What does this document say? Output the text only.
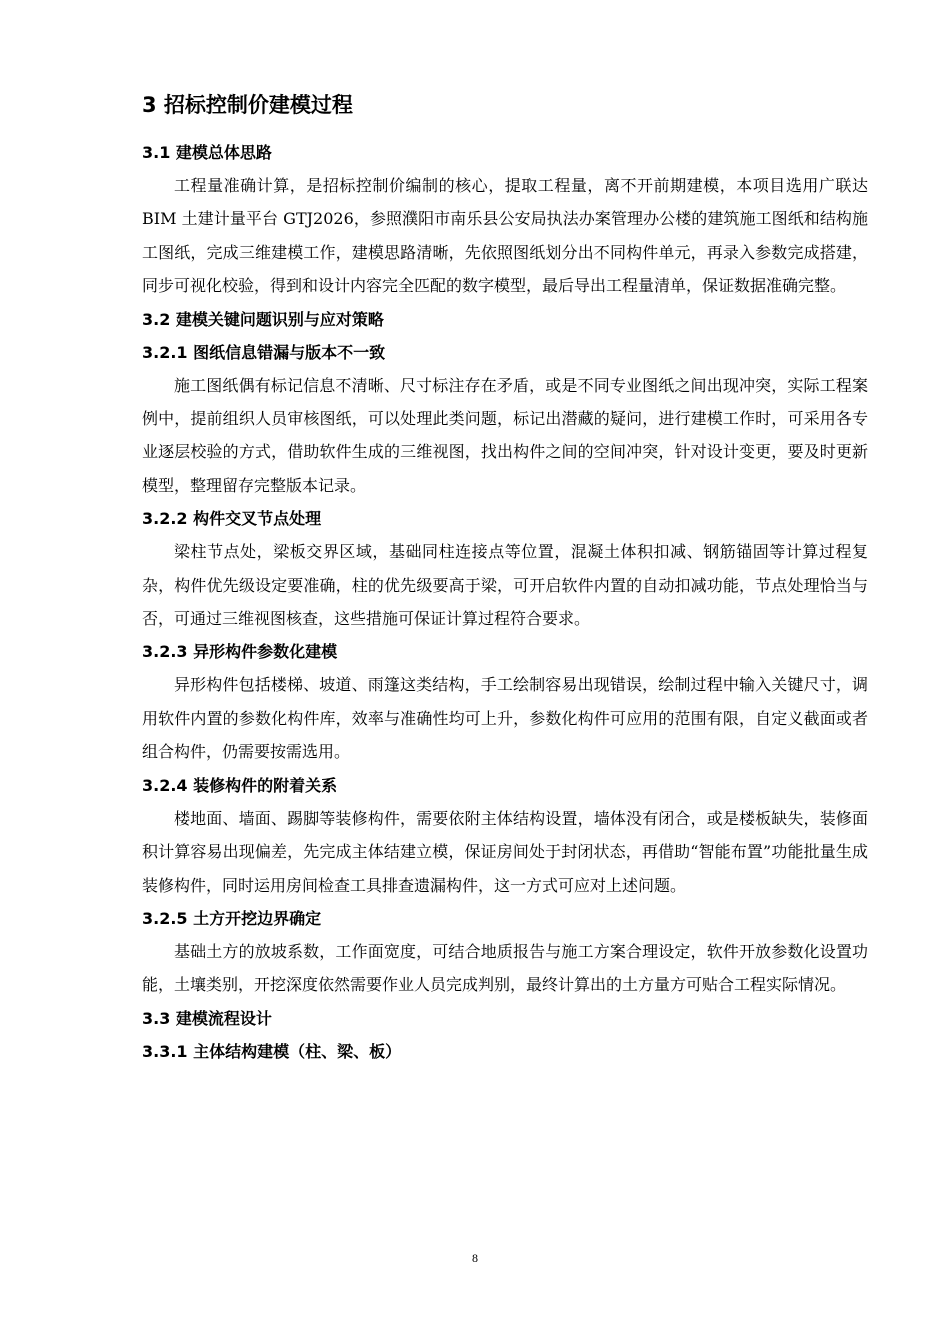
3 招标控制价建模过程
3.1 建模总体思路

工程量准确计算，是招标控制价编制的核心，提取工程量，离不开前期建模，本项目选用广联达 BIM 土建计量平台 GTJ2026，参照濮阳市南乐县公安局执法办案管理办公楼的建筑施工图纸和结构施工图纸，完成三维建模工作，建模思路清晰，先依照图纸划分出不同构件单元，再录入参数完成搭建，同步可视化校验，得到和设计内容完全匹配的数字模型，最后导出工程量清单，保证数据准确完整。

3.2 建模关键问题识别与应对策略
3.2.1 图纸信息错漏与版本不一致

施工图纸偶有标记信息不清晰、尺寸标注存在矛盾，或是不同专业图纸之间出现冲突，实际工程案例中，提前组织人员审核图纸，可以处理此类问题，标记出潜藏的疑问，进行建模工作时，可采用各专业逐层校验的方式，借助软件生成的三维视图，找出构件之间的空间冲突，针对设计变更，要及时更新模型，整理留存完整版本记录。

3.2.2 构件交叉节点处理

梁柱节点处，梁板交界区域，基础同柱连接点等位置，混凝土体积扣减、钢筋锚固等计算过程复杂，构件优先级设定要准确，柱的优先级要高于梁，可开启软件内置的自动扣减功能，节点处理恰当与否，可通过三维视图核查，这些措施可保证计算过程符合要求。

3.2.3 异形构件参数化建模

异形构件包括楼梯、坡道、雨篷这类结构，手工绘制容易出现错误，绘制过程中输入关键尺寸，调用软件内置的参数化构件库，效率与准确性均可上升，参数化构件可应用的范围有限，自定义截面或者组合构件，仍需要按需选用。

3.2.4 装修构件的附着关系

楼地面、墙面、踢脚等装修构件，需要依附主体结构设置，墙体没有闭合，或是楼板缺失，装修面积计算容易出现偏差，先完成主体结建立模，保证房间处于封闭状态，再借助“智能布置”功能批量生成装修构件，同时运用房间检查工具排查遗漏构件，这一方式可应对上述问题。

3.2.5 土方开挖边界确定

基础土方的放坡系数，工作面宽度，可结合地质报告与施工方案合理设定，软件开放参数化设置功能，土壤类别，开挖深度依然需要作业人员完成判别，最终计算出的土方量方可贴合工程实际情况。

3.3 建模流程设计
3.3.1 主体结构建模（柱、梁、板）
8
